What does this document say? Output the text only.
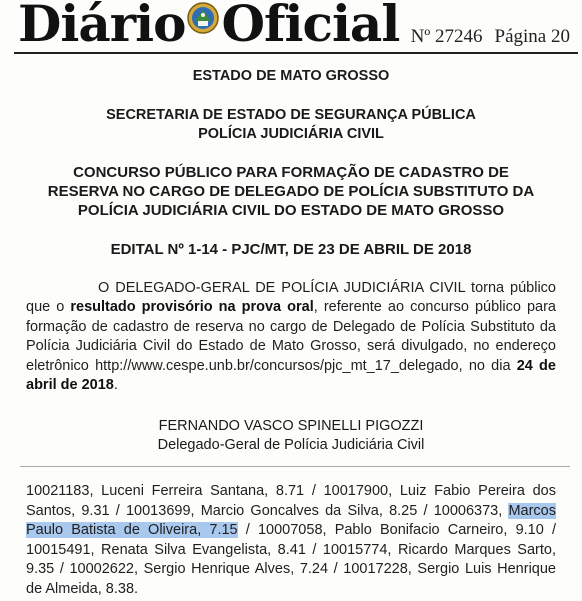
Diário Oficial Nº 27246 Página 20
ESTADO DE MATO GROSSO
SECRETARIA DE ESTADO DE SEGURANÇA PÚBLICA
POLÍCIA JUDICIÁRIA CIVIL
CONCURSO PÚBLICO PARA FORMAÇÃO DE CADASTRO DE
RESERVA NO CARGO DE DELEGADO DE POLÍCIA SUBSTITUTO DA
POLÍCIA JUDICIÁRIA CIVIL DO ESTADO DE MATO GROSSO
EDITAL Nº 1-14 - PJC/MT, DE 23 DE ABRIL DE 2018
O DELEGADO-GERAL DE POLÍCIA JUDICIÁRIA CIVIL torna público que o resultado provisório na prova oral, referente ao concurso público para formação de cadastro de reserva no cargo de Delegado de Polícia Substituto da Polícia Judiciária Civil do Estado de Mato Grosso, será divulgado, no endereço eletrônico http://www.cespe.unb.br/concursos/pjc_mt_17_delegado, no dia 24 de abril de 2018.
FERNANDO VASCO SPINELLI PIGOZZI
Delegado-Geral de Polícia Judiciária Civil
10021183, Luceni Ferreira Santana, 8.71 / 10017900, Luiz Fabio Pereira dos Santos, 9.31 / 10013699, Marcio Goncalves da Silva, 8.25 / 10006373, Marcos Paulo Batista de Oliveira, 7.15 / 10007058, Pablo Bonifacio Carneiro, 9.10 / 10015491, Renata Silva Evangelista, 8.41 / 10015774, Ricardo Marques Sarto, 9.35 / 10002622, Sergio Henrique Alves, 7.24 / 10017228, Sergio Luis Henrique de Almeida, 8.38.
